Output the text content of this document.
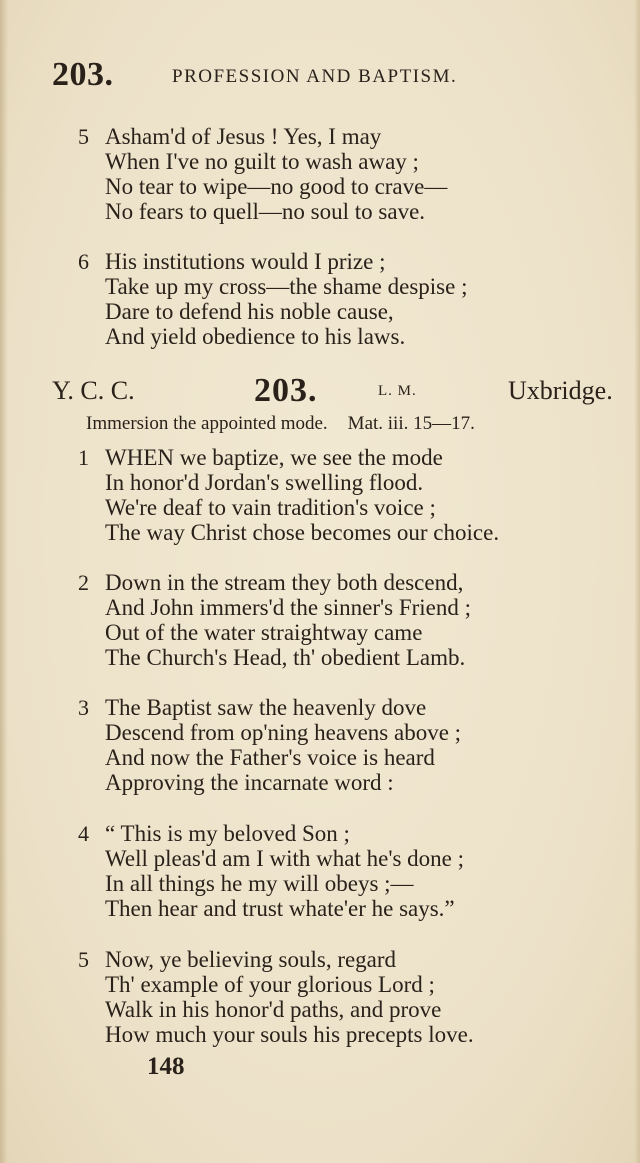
203.	PROFESSION AND BAPTISM.
5 Asham'd of Jesus ! Yes, I may
When I've no guilt to wash away ;
No tear to wipe—no good to crave—
No fears to quell—no soul to save.
6 His institutions would I prize ;
Take up my cross—the shame despise ;
Dare to defend his noble cause,
And yield obedience to his laws.
Y. C. C.	203.	L. M.	Uxbridge.
Immersion the appointed mode. Mat. iii. 15—17.
1 WHEN we baptize, we see the mode
In honor'd Jordan's swelling flood.
We're deaf to vain tradition's voice ;
The way Christ chose becomes our choice.
2 Down in the stream they both descend,
And John immers'd the sinner's Friend ;
Out of the water straightway came
The Church's Head, th' obedient Lamb.
3 The Baptist saw the heavenly dove
Descend from op'ning heavens above ;
And now the Father's voice is heard
Approving the incarnate word :
4 “ This is my beloved Son ;
Well pleas'd am I with what he's done ;
In all things he my will obeys ;—
Then hear and trust whate'er he says.”
5 Now, ye believing souls, regard
Th' example of your glorious Lord ;
Walk in his honor'd paths, and prove
How much your souls his precepts love.
148
